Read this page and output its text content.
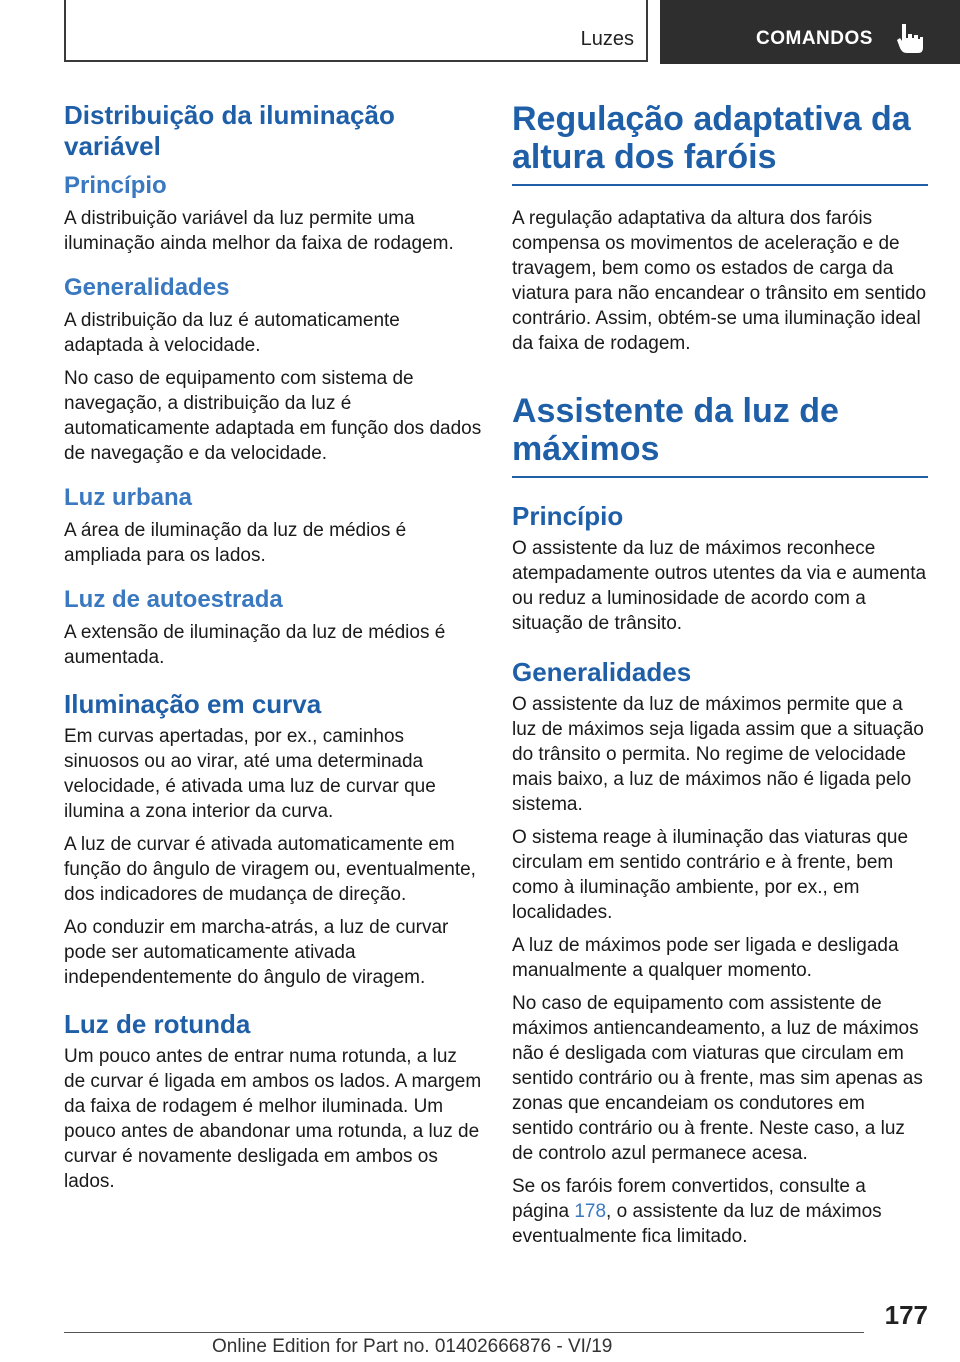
Luzes	COMANDOS
Distribuição da iluminação variável
Princípio

A distribuição variável da luz permite uma iluminação ainda melhor da faixa de rodagem.

Generalidades

A distribuição da luz é automaticamente adaptada à velocidade.

No caso de equipamento com sistema de navegação, a distribuição da luz é automaticamente adaptada em função dos dados de navegação e da velocidade.

Luz urbana

A área de iluminação da luz de médios é ampliada para os lados.

Luz de autoestrada

A extensão de iluminação da luz de médios é aumentada.

Iluminação em curva

Em curvas apertadas, por ex., caminhos sinuosos ou ao virar, até uma determinada velocidade, é ativada uma luz de curvar que ilumina a zona interior da curva.

A luz de curvar é ativada automaticamente em função do ângulo de viragem ou, eventualmente, dos indicadores de mudança de direção.

Ao conduzir em marcha-atrás, a luz de curvar pode ser automaticamente ativada independentemente do ângulo de viragem.

Luz de rotunda

Um pouco antes de entrar numa rotunda, a luz de curvar é ligada em ambos os lados. A margem da faixa de rodagem é melhor iluminada. Um pouco antes de abandonar uma rotunda, a luz de curvar é novamente desligada em ambos os lados.

Regulação adaptativa da altura dos faróis

A regulação adaptativa da altura dos faróis compensa os movimentos de aceleração e de travagem, bem como os estados de carga da viatura para não encandear o trânsito em sentido contrário. Assim, obtém-se uma iluminação ideal da faixa de rodagem.

Assistente da luz de máximos
Princípio

O assistente da luz de máximos reconhece atempadamente outros utentes da via e aumenta ou reduz a luminosidade de acordo com a situação de trânsito.

Generalidades

O assistente da luz de máximos permite que a luz de máximos seja ligada assim que a situação do trânsito o permita. No regime de velocidade mais baixo, a luz de máximos não é ligada pelo sistema.

O sistema reage à iluminação das viaturas que circulam em sentido contrário e à frente, bem como à iluminação ambiente, por ex., em localidades.

A luz de máximos pode ser ligada e desligada manualmente a qualquer momento.

No caso de equipamento com assistente de máximos antiencandeamento, a luz de máximos não é desligada com viaturas que circulam em sentido contrário ou à frente, mas sim apenas as zonas que encandeiam os condutores em sentido contrário ou à frente. Neste caso, a luz de controlo azul permanece acesa.

Se os faróis forem convertidos, consulte a página 178, o assistente da luz de máximos eventualmente fica limitado.

177
Online Edition for Part no. 01402666876 - VI/19
